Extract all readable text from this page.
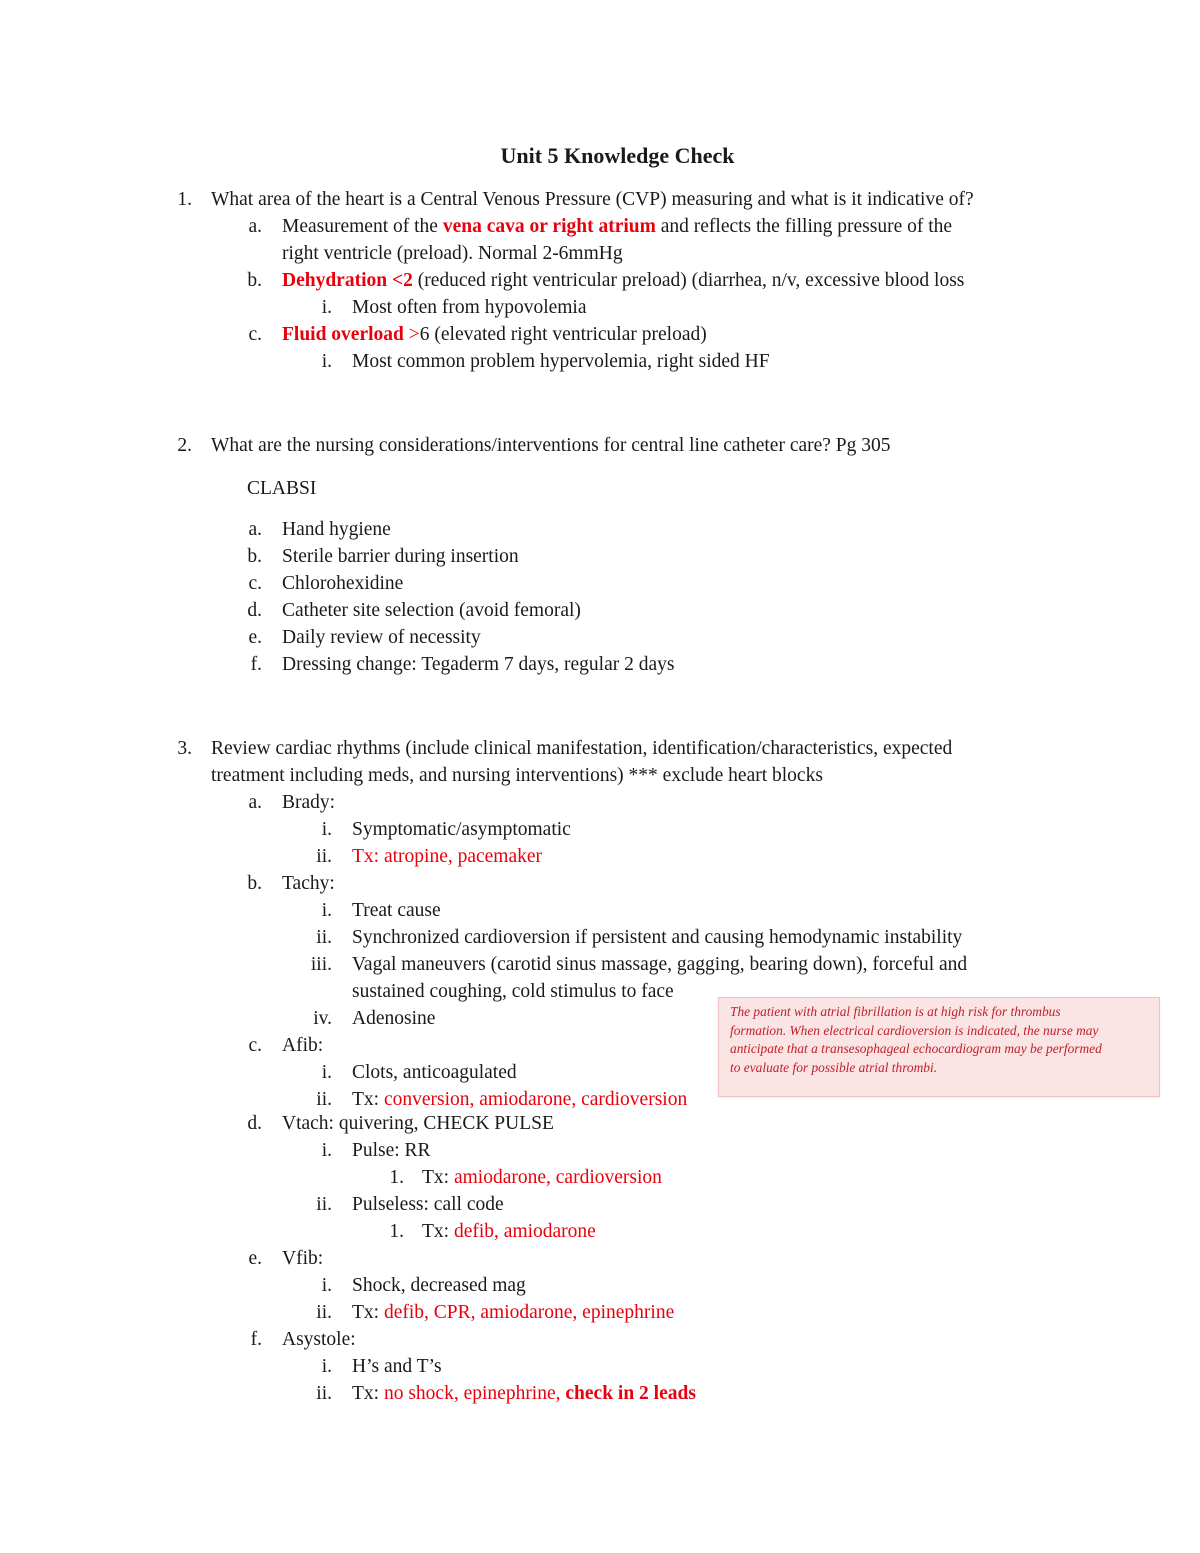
Unit 5 Knowledge Check
1. What area of the heart is a Central Venous Pressure (CVP) measuring and what is it indicative of?
a. Measurement of the vena cava or right atrium and reflects the filling pressure of the
right ventricle (preload). Normal 2-6mmHg
b. Dehydration <2 (reduced right ventricular preload) (diarrhea, n/v, excessive blood loss
i. Most often from hypovolemia
c. Fluid overload >6 (elevated right ventricular preload)
i. Most common problem hypervolemia, right sided HF
2. What are the nursing considerations/interventions for central line catheter care? Pg 305
CLABSI
a. Hand hygiene
b. Sterile barrier during insertion
c. Chlorohexidine
d. Catheter site selection (avoid femoral)
e. Daily review of necessity
f. Dressing change: Tegaderm 7 days, regular 2 days
3. Review cardiac rhythms (include clinical manifestation, identification/characteristics, expected
treatment including meds, and nursing interventions) *** exclude heart blocks
a. Brady:
i. Symptomatic/asymptomatic
ii. Tx: atropine, pacemaker
b. Tachy:
i. Treat cause
ii. Synchronized cardioversion if persistent and causing hemodynamic instability
iii. Vagal maneuvers (carotid sinus massage, gagging, bearing down), forceful and
sustained coughing, cold stimulus to face
iv. Adenosine
c. Afib:
i. Clots, anticoagulated
ii. Tx: conversion, amiodarone, cardioversion
d. Vtach: quivering, CHECK PULSE
i. Pulse: RR
1. Tx: amiodarone, cardioversion
ii. Pulseless: call code
1. Tx: defib, amiodarone
e. Vfib:
i. Shock, decreased mag
ii. Tx: defib, CPR, amiodarone, epinephrine
f. Asystole:
i. H’s and T’s
ii. Tx: no shock, epinephrine, check in 2 leads
The patient with atrial fibrillation is at high risk for thrombus
formation. When electrical cardioversion is indicated, the nurse may
anticipate that a transesophageal echocardiogram may be performed
to evaluate for possible atrial thrombi.
